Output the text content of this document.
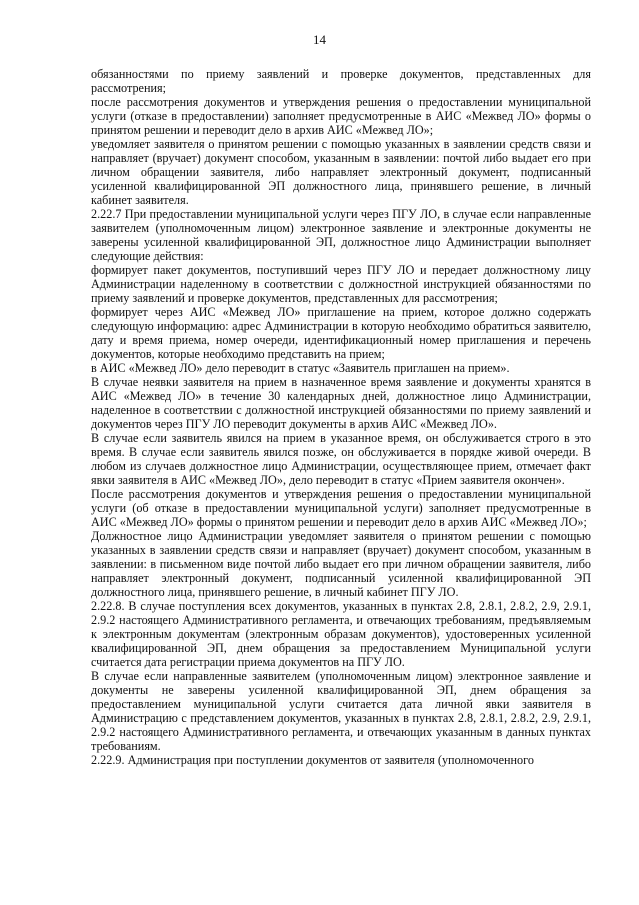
14

обязанностями по приему заявлений и проверке документов, представленных для рассмотрения;

после рассмотрения документов и утверждения решения о предоставлении муниципальной услуги (отказе в предоставлении) заполняет предусмотренные в АИС «Межвед ЛО» формы о принятом решении и переводит дело в архив АИС «Межвед ЛО»;

уведомляет заявителя о принятом решении с помощью указанных в заявлении средств связи и направляет (вручает) документ способом, указанным в заявлении: почтой либо выдает его при личном обращении заявителя, либо направляет электронный документ, подписанный усиленной квалифицированной ЭП должностного лица, принявшего решение, в личный кабинет заявителя.

2.22.7 При предоставлении муниципальной услуги через ПГУ ЛО, в случае если направленные заявителем (уполномоченным лицом) электронное заявление и электронные документы не заверены усиленной квалифицированной ЭП, должностное лицо Администрации выполняет следующие действия:

формирует пакет документов, поступивший через ПГУ ЛО и передает должностному лицу Администрации наделенному в соответствии с должностной инструкцией обязанностями по приему заявлений и проверке документов, представленных для рассмотрения;

формирует через АИС «Межвед ЛО» приглашение на прием, которое должно содержать следующую информацию: адрес Администрации в которую необходимо обратиться заявителю, дату и время приема, номер очереди, идентификационный номер приглашения и перечень документов, которые необходимо представить на прием;

в АИС «Межвед ЛО» дело переводит в статус «Заявитель приглашен на прием».

В случае неявки заявителя на прием в назначенное время заявление и документы хранятся в АИС «Межвед ЛО» в течение 30 календарных дней, должностное лицо Администрации, наделенное в соответствии с должностной инструкцией обязанностями по приему заявлений и документов через ПГУ ЛО переводит документы в архив АИС «Межвед ЛО».

В случае если заявитель явился на прием в указанное время, он обслуживается строго в это время. В случае если заявитель явился позже, он обслуживается в порядке живой очереди. В любом из случаев должностное лицо Администрации, осуществляющее прием, отмечает факт явки заявителя в АИС «Межвед ЛО», дело переводит в статус «Прием заявителя окончен».

После рассмотрения документов и утверждения решения о предоставлении муниципальной услуги (об отказе в предоставлении муниципальной услуги) заполняет предусмотренные в АИС «Межвед ЛО» формы о принятом решении и переводит дело в архив АИС «Межвед ЛО»;

Должностное лицо Администрации уведомляет заявителя о принятом решении с помощью указанных в заявлении средств связи и направляет (вручает) документ способом, указанным в заявлении: в письменном виде почтой либо выдает его при личном обращении заявителя, либо направляет электронный документ, подписанный усиленной квалифицированной ЭП должностного лица, принявшего решение, в личный кабинет ПГУ ЛО.

2.22.8. В случае поступления всех документов, указанных в пунктах 2.8, 2.8.1, 2.8.2, 2.9, 2.9.1, 2.9.2 настоящего Административного регламента, и отвечающих требованиям, предъявляемым к электронным документам (электронным образам документов), удостоверенных усиленной квалифицированной ЭП, днем обращения за предоставлением Муниципальной услуги считается дата регистрации приема документов на ПГУ ЛО.

В случае если направленные заявителем (уполномоченным лицом) электронное заявление и документы не заверены усиленной квалифицированной ЭП, днем обращения за предоставлением муниципальной услуги считается дата личной явки заявителя в Администрацию с представлением документов, указанных в пунктах 2.8, 2.8.1, 2.8.2, 2.9, 2.9.1, 2.9.2 настоящего Административного регламента, и отвечающих указанным в данных пунктах требованиям.

2.22.9. Администрация при поступлении документов от заявителя (уполномоченного
